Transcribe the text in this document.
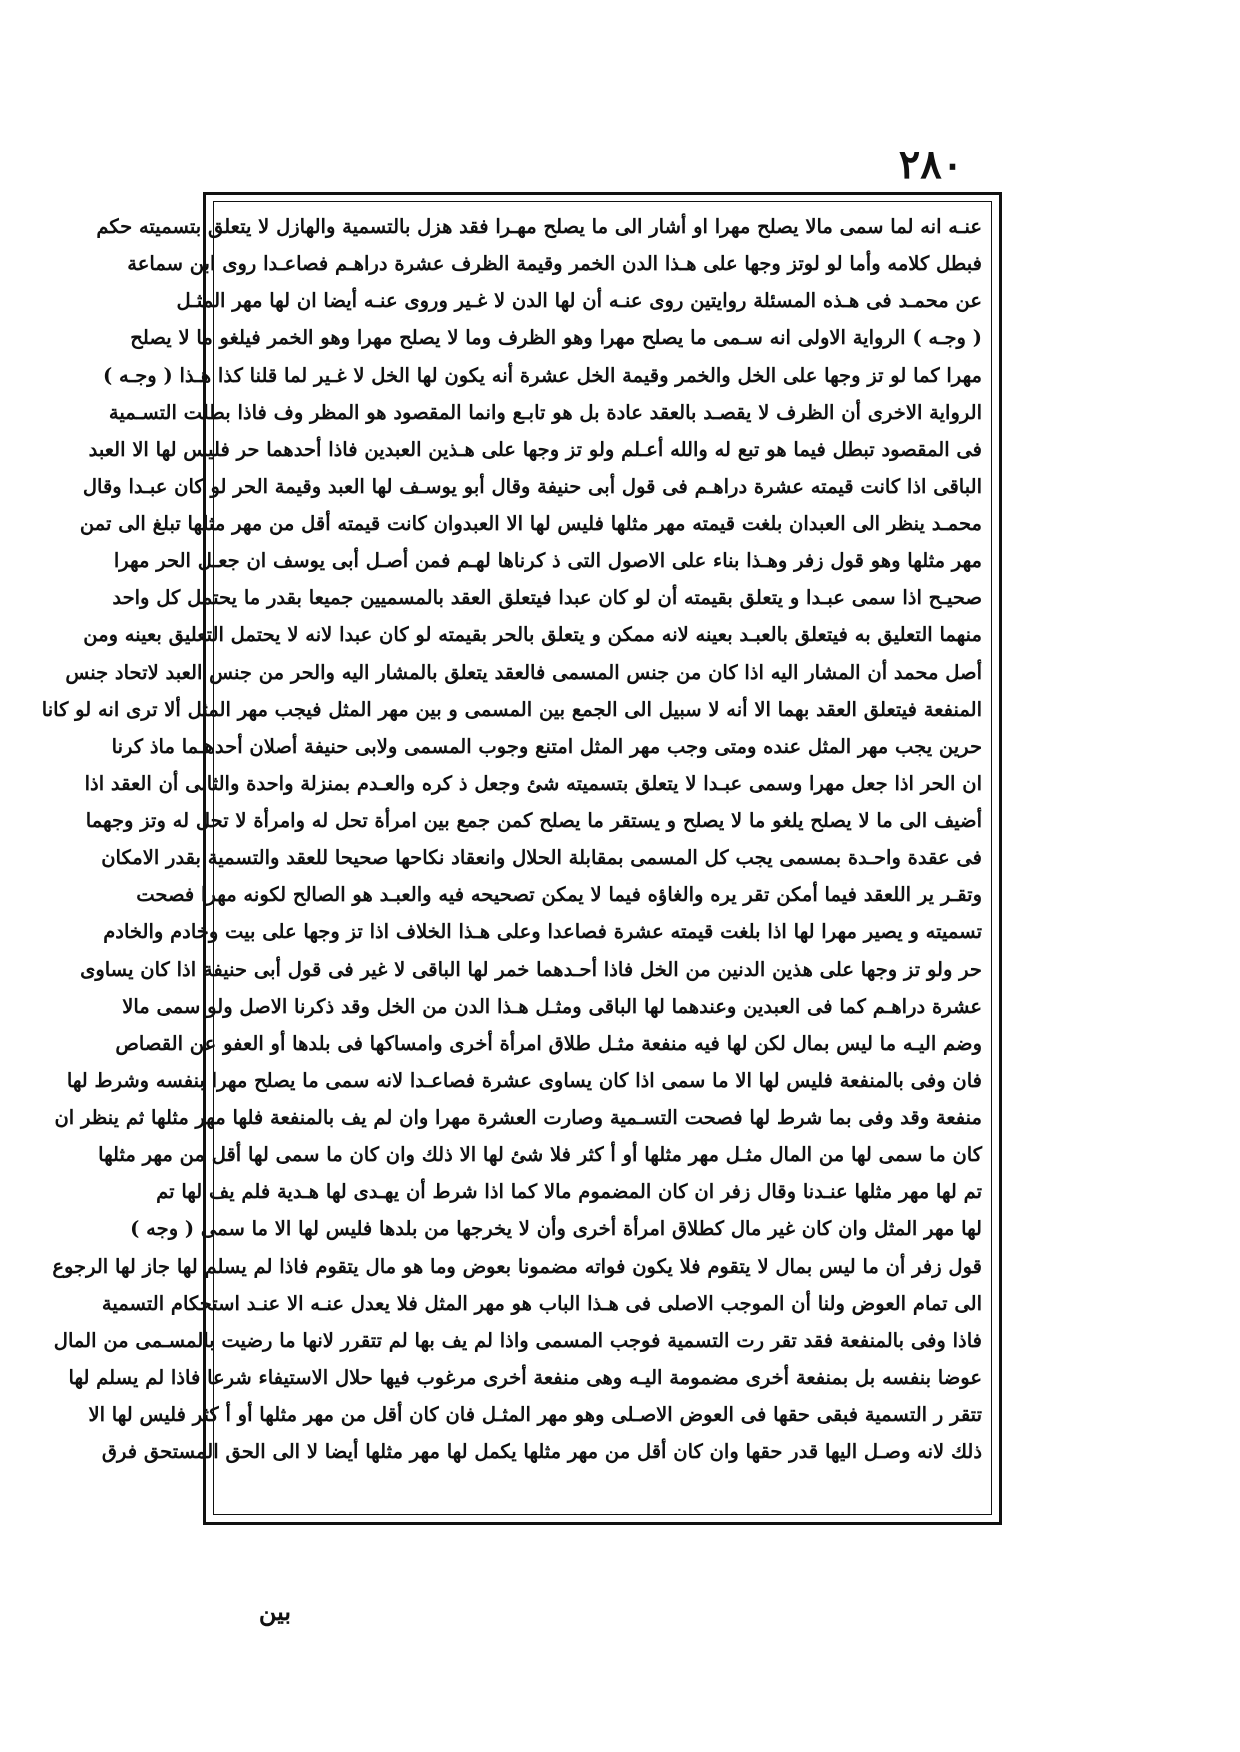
٢٨٠
عنـه انه لما سمى مالا يصلح مهرا او أشار الى ما يصلح مهـرا فقد هزل بالتسمية والهازل لا يتعلق بتسميته حكم
فبطل كلامه وأما لو لوتز وجها على هـذا الدن الخمر وقيمة الظرف عشرة دراهـم فصاعـدا روى ابن سماعة
عن محمـد فى هـذه المسئلة روايتين روى عنـه أن لها الدن لا غـير وروى عنـه أيضا ان لها مهر المثـل
( وجـه ) الرواية الاولى انه سـمى ما يصلح مهرا وهو الظرف وما لا يصلح مهرا وهو الخمر فيلغو ما لا يصلح
مهرا كما لو تز وجها على الخل والخمر وقيمة الخل عشرة أنه يكون لها الخل لا غـير لما قلنا كذا هـذا ( وجـه )
الرواية الاخرى أن الظرف لا يقصـد بالعقد عادة بل هو تابـع وانما المقصود هو المظر وف فاذا بطلت التسـمية
فى المقصود تبطل فيما هو تبع له والله أعـلم ولو تز وجها على هـذين العبدين فاذا أحدهما حر فليس لها الا العبد
الباقى اذا كانت قيمته عشرة دراهـم فى قول أبى حنيفة وقال أبو يوسـف لها العبد وقيمة الحر لو كان عبـدا وقال
محمـد ينظر الى العبدان بلغت قيمته مهر مثلها فليس لها الا العبدوان كانت قيمته أقل من مهر مثلها تبلغ الى تمن
مهر مثلها وهو قول زفر وهـذا بناء على الاصول التى ذ كرناها لهـم فمن أصـل أبى يوسف ان جعـل الحر مهرا
صحيـح اذا سمى عبـدا و يتعلق بقيمته أن لو كان عبدا فيتعلق العقد بالمسميين جميعا بقدر ما يحتمل كل واحد
منهما التعليق به فيتعلق بالعبـد بعينه لانه ممكن و يتعلق بالحر بقيمته لو كان عبدا لانه لا يحتمل التعليق بعينه ومن
أصل محمد أن المشار اليه اذا كان من جنس المسمى فالعقد يتعلق بالمشار اليه والحر من جنس العبد لاتحاد جنس
المنفعة فيتعلق العقد بهما الا أنه لا سبيل الى الجمع بين المسمى و بين مهر المثل فيجب مهر المثل ألا ترى انه لو كانا
حرين يجب مهر المثل عنده ومتى وجب مهر المثل امتنع وجوب المسمى ولابى حنيفة أصلان أحدهـما ماذ كرنا
ان الحر اذا جعل مهرا وسمى عبـدا لا يتعلق بتسميته شئ وجعل ذ كره والعـدم بمنزلة واحدة والثانى أن العقد اذا
أضيف الى ما لا يصلح يلغو ما لا يصلح و يستقر ما يصلح كمن جمع بين امرأة تحل له وامرأة لا تحل له وتز وجهما
فى عقدة واحـدة بمسمى يجب كل المسمى بمقابلة الحلال وانعقاد نكاحها صحيحا للعقد والتسمية بقدر الامكان
وتقـر ير اللعقد فيما أمكن تقر يره والغاؤه فيما لا يمكن تصحيحه فيه والعبـد هو الصالح لكونه مهرا فصحت
تسميته و يصير مهرا لها اذا بلغت قيمته عشرة فصاعدا وعلى هـذا الخلاف اذا تز وجها على بيت وخادم والخادم
حر ولو تز وجها على هذين الدنين من الخل فاذا أحـدهما خمر لها الباقى لا غير فى قول أبى حنيفة اذا كان يساوى
عشرة دراهـم كما فى العبدين وعندهما لها الباقى ومثـل هـذا الدن من الخل وقد ذكرنا الاصل ولو سمى مالا
وضم اليـه ما ليس بمال لكن لها فيه منفعة مثـل طلاق امرأة أخرى وامساكها فى بلدها أو العفو عن القصاص
فان وفى بالمنفعة فليس لها الا ما سمى اذا كان يساوى عشرة فصاعـدا لانه سمى ما يصلح مهرا بنفسه وشرط لها
منفعة وقد وفى بما شرط لها فصحت التسـمية وصارت العشرة مهرا وان لم يف بالمنفعة فلها مهر مثلها ثم ينظر ان
كان ما سمى لها من المال مثـل مهر مثلها أو أ كثر فلا شئ لها الا ذلك وان كان ما سمى لها أقل من مهر مثلها
تم لها مهر مثلها عنـدنا وقال زفر ان كان المضموم مالا كما اذا شرط أن يهـدى لها هـدية فلم يف لها تم
لها مهر المثل وان كان غير مال كطلاق امرأة أخرى وأن لا يخرجها من بلدها فليس لها الا ما سمى ( وجه )
قول زفر أن ما ليس بمال لا يتقوم فلا يكون فواته مضمونا بعوض وما هو مال يتقوم فاذا لم يسلم لها جاز لها الرجوع
الى تمام العوض ولنا أن الموجب الاصلى فى هـذا الباب هو مهر المثل فلا يعدل عنـه الا عنـد استحكام التسمية
فاذا وفى بالمنفعة فقد تقر رت التسمية فوجب المسمى واذا لم يف بها لم تتقرر لانها ما رضيت بالمسـمى من المال
عوضا بنفسه بل بمنفعة أخرى مضمومة اليـه وهى منفعة أخرى مرغوب فيها حلال الاستيفاء شرعا فاذا لم يسلم لها
تتقر ر التسمية فبقى حقها فى العوض الاصـلى وهو مهر المثـل فان كان أقل من مهر مثلها أو أ كثر فليس لها الا
ذلك لانه وصـل اليها قدر حقها وان كان أقل من مهر مثلها يكمل لها مهر مثلها أيضا لا الى الحق المستحق فرق
بين
